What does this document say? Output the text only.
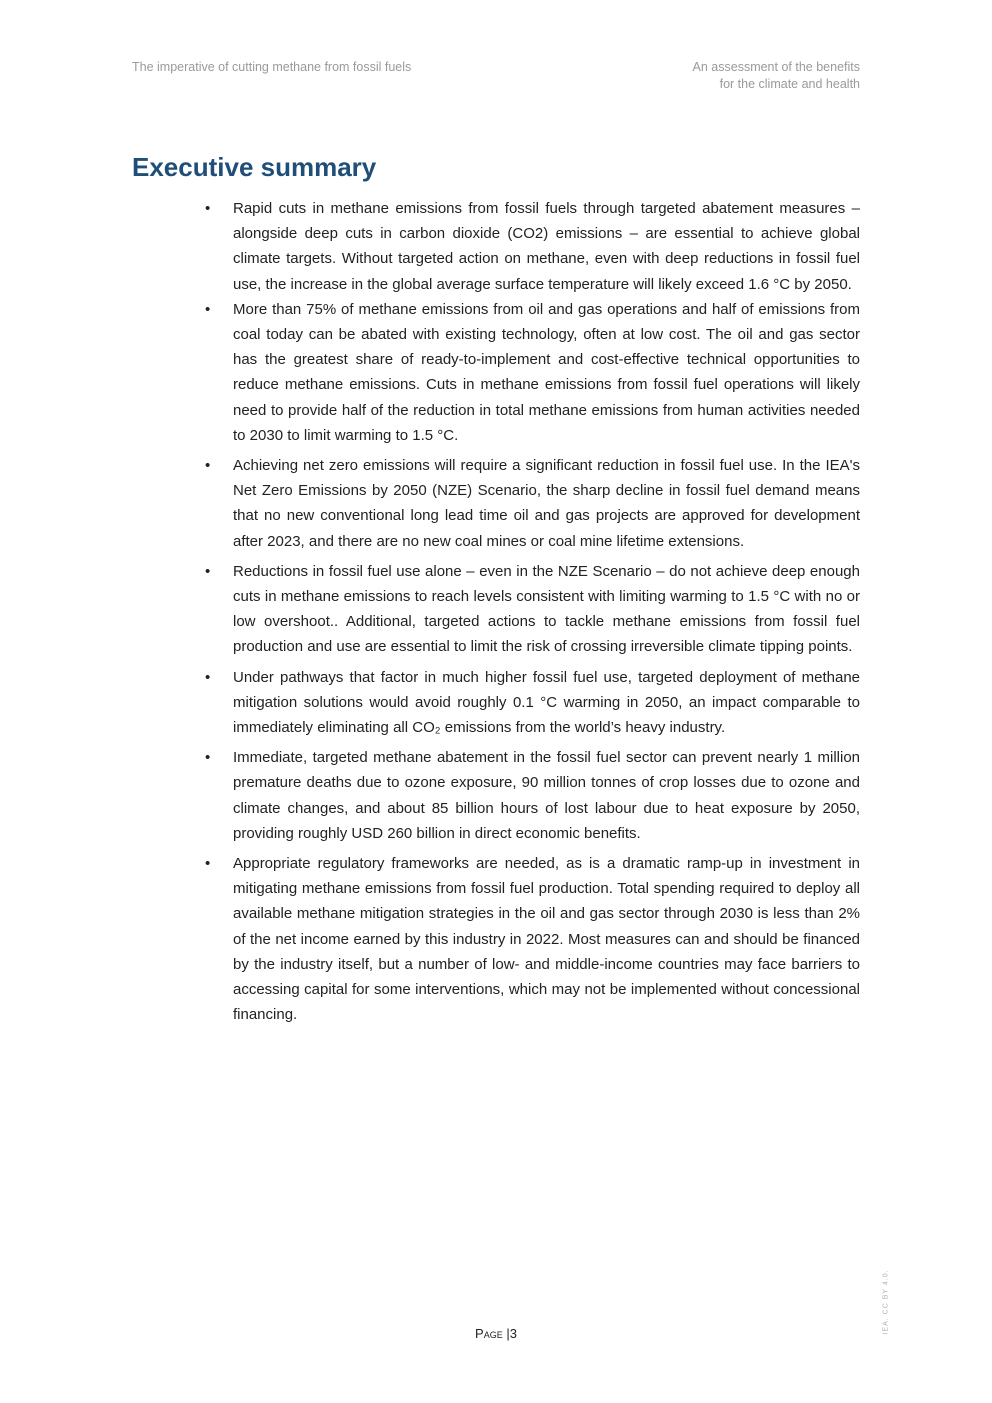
The imperative of cutting methane from fossil fuels	An assessment of the benefits
for the climate and health
Executive summary
• Rapid cuts in methane emissions from fossil fuels through targeted abatement measures – alongside deep cuts in carbon dioxide (CO2) emissions – are essential to achieve global climate targets. Without targeted action on methane, even with deep reductions in fossil fuel use, the increase in the global average surface temperature will likely exceed 1.6 °C by 2050.
• More than 75% of methane emissions from oil and gas operations and half of emissions from coal today can be abated with existing technology, often at low cost. The oil and gas sector has the greatest share of ready-to-implement and cost-effective technical opportunities to reduce methane emissions. Cuts in methane emissions from fossil fuel operations will likely need to provide half of the reduction in total methane emissions from human activities needed to 2030 to limit warming to 1.5 °C.
• Achieving net zero emissions will require a significant reduction in fossil fuel use. In the IEA's Net Zero Emissions by 2050 (NZE) Scenario, the sharp decline in fossil fuel demand means that no new conventional long lead time oil and gas projects are approved for development after 2023, and there are no new coal mines or coal mine lifetime extensions.
• Reductions in fossil fuel use alone – even in the NZE Scenario – do not achieve deep enough cuts in methane emissions to reach levels consistent with limiting warming to 1.5 °C with no or low overshoot.. Additional, targeted actions to tackle methane emissions from fossil fuel production and use are essential to limit the risk of crossing irreversible climate tipping points.
• Under pathways that factor in much higher fossil fuel use, targeted deployment of methane mitigation solutions would avoid roughly 0.1 °C warming in 2050, an impact comparable to immediately eliminating all CO₂ emissions from the world’s heavy industry.
• Immediate, targeted methane abatement in the fossil fuel sector can prevent nearly 1 million premature deaths due to ozone exposure, 90 million tonnes of crop losses due to ozone and climate changes, and about 85 billion hours of lost labour due to heat exposure by 2050, providing roughly USD 260 billion in direct economic benefits.
• Appropriate regulatory frameworks are needed, as is a dramatic ramp-up in investment in mitigating methane emissions from fossil fuel production. Total spending required to deploy all available methane mitigation strategies in the oil and gas sector through 2030 is less than 2% of the net income earned by this industry in 2022. Most measures can and should be financed by the industry itself, but a number of low- and middle-income countries may face barriers to accessing capital for some interventions, which may not be implemented without concessional financing.
Page |3	IEA. CC BY 4.0.
